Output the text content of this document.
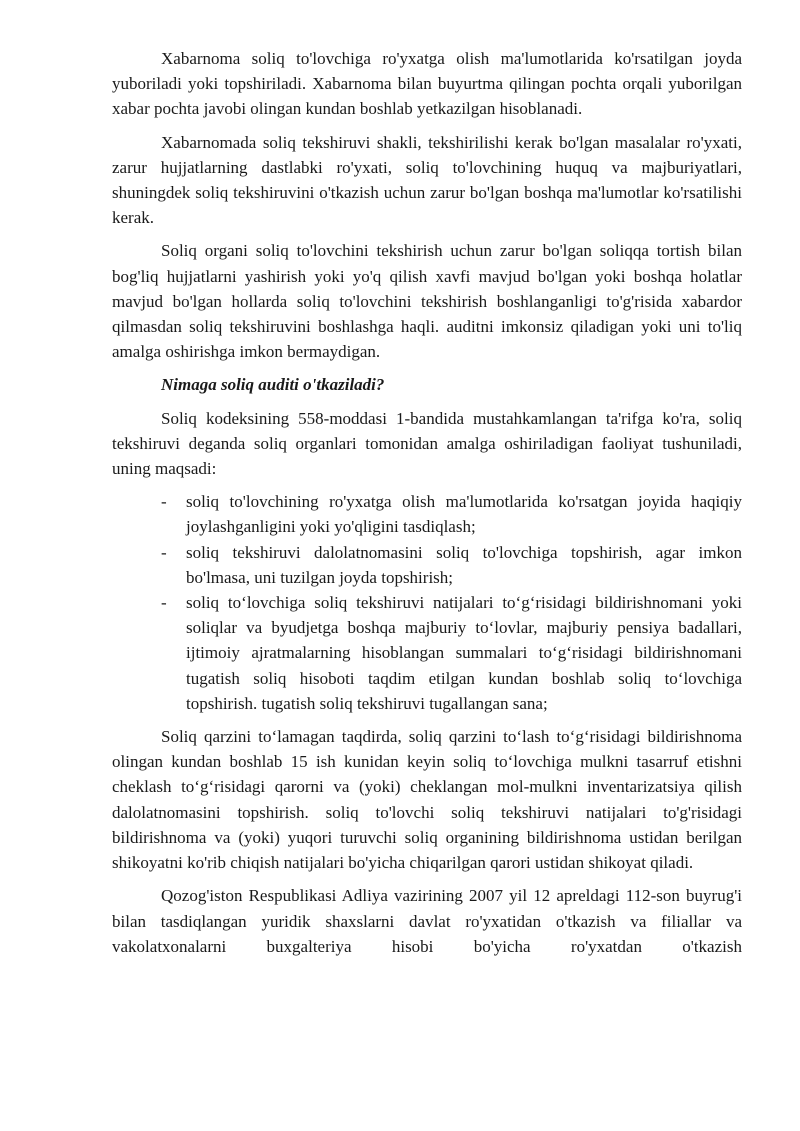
Xabarnoma soliq to'lovchiga ro'yxatga olish ma'lumotlarida ko'rsatilgan joyda yuboriladi yoki topshiriladi. Xabarnoma bilan buyurtma qilingan pochta orqali yuborilgan xabar pochta javobi olingan kundan boshlab yetkazilgan hisoblanadi.

Xabarnomada soliq tekshiruvi shakli, tekshirilishi kerak bo'lgan masalalar ro'yxati, zarur hujjatlarning dastlabki ro'yxati, soliq to'lovchining huquq va majburiyatlari, shuningdek soliq tekshiruvini o'tkazish uchun zarur bo'lgan boshqa ma'lumotlar ko'rsatilishi kerak.

Soliq organi soliq to'lovchini tekshirish uchun zarur bo'lgan soliqqa tortish bilan bog'liq hujjatlarni yashirish yoki yo'q qilish xavfi mavjud bo'lgan yoki boshqa holatlar mavjud bo'lgan hollarda soliq to'lovchini tekshirish boshlanganligi to'g'risida xabardor qilmasdan soliq tekshiruvini boshlashga haqli. auditni imkonsiz qiladigan yoki uni to'liq amalga oshirishga imkon bermaydigan.

Nimaga soliq auditi o'tkaziladi?

Soliq kodeksining 558-moddasi 1-bandida mustahkamlangan ta'rifga ko'ra, soliq tekshiruvi deganda soliq organlari tomonidan amalga oshiriladigan faoliyat tushuniladi, uning maqsadi:

- soliq to'lovchining ro'yxatga olish ma'lumotlarida ko'rsatgan joyida haqiqiy joylashganligini yoki yo'qligini tasdiqlash;
- soliq tekshiruvi dalolatnomasini soliq to'lovchiga topshirish, agar imkon bo'lmasa, uni tuzilgan joyda topshirish;
- soliq to‘lovchiga soliq tekshiruvi natijalari to‘g‘risidagi bildirishnomani yoki soliqlar va byudjetga boshqa majburiy to‘lovlar, majburiy pensiya badallari, ijtimoiy ajratmalarning hisoblangan summalari to‘g‘risidagi bildirishnomani tugatish soliq hisoboti taqdim etilgan kundan boshlab soliq to‘lovchiga topshirish. tugatish soliq tekshiruvi tugallangan sana;

Soliq qarzini to‘lamagan taqdirda, soliq qarzini to‘lash to‘g‘risidagi bildirishnoma olingan kundan boshlab 15 ish kunidan keyin soliq to‘lovchiga mulkni tasarruf etishni cheklash to‘g‘risidagi qarorni va (yoki) cheklangan mol-mulkni inventarizatsiya qilish dalolatnomasini topshirish. soliq to'lovchi soliq tekshiruvi natijalari to'g'risidagi bildirishnoma va (yoki) yuqori turuvchi soliq organining bildirishnoma ustidan berilgan shikoyatni ko'rib chiqish natijalari bo'yicha chiqarilgan qarori ustidan shikoyat qiladi.

Qozog'iston Respublikasi Adliya vazirining 2007 yil 12 apreldagi 112-son buyrug'i bilan tasdiqlangan yuridik shaxslarni davlat ro'yxatidan o'tkazish va filiallar va vakolatxonalarni buxgalteriya hisobi bo'yicha ro'yxatdan o'tkazish
